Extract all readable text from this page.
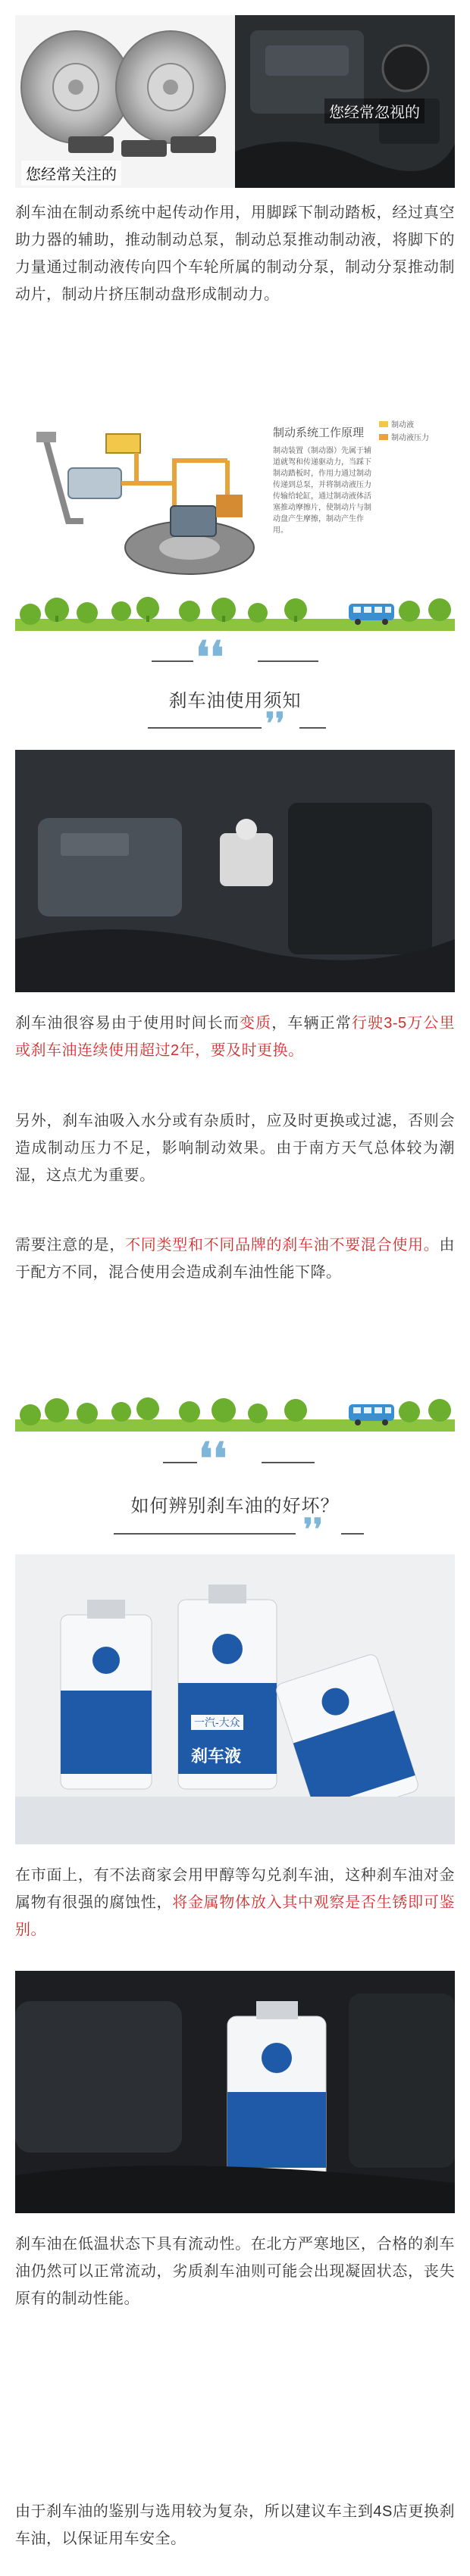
您经常关注的
您经常忽视的

刹车油在制动系统中起传动作用，用脚踩下制动踏板，经过真空助力器的辅助，推动制动总泵，制动总泵推动制动液，将脚下的力量通过制动液传向四个车轮所属的制动分泵，制动分泵推动制动片，制动片挤压制动盘形成制动力。

制动系统工作原理
制动液
制动液压力
制动装置（制动器）先属于辅道就驾和传递驱动力，当踩下制动踏板时，作用力通过制动传递到总泵，并将制动液压力传输给轮缸，通过制动液体活塞推动摩擦片，使制动片与制动盘产生摩擦，制动产生作用。
❛❛
刹车油使用须知
❜❜

刹车油很容易由于使用时间长而变质，车辆正常行驶3-5万公里或刹车油连续使用超过2年，要及时更换。

另外，刹车油吸入水分或有杂质时，应及时更换或过滤，否则会造成制动压力不足，影响制动效果。由于南方天气总体较为潮湿，这点尤为重要。

需要注意的是，不同类型和不同品牌的刹车油不要混合使用。由于配方不同，混合使用会造成刹车油性能下降。

❛❛
如何辨别刹车油的好坏？
❜❜
一汽-大众
刹车液

在市面上，有不法商家会用甲醇等勾兑刹车油，这种刹车油对金属物有很强的腐蚀性，将金属物体放入其中观察是否生锈即可鉴别。

刹车油在低温状态下具有流动性。在北方严寒地区，合格的刹车油仍然可以正常流动，劣质刹车油则可能会出现凝固状态，丧失原有的制动性能。

由于刹车油的鉴别与选用较为复杂，所以建议车主到4S店更换刹车油，以保证用车安全。
